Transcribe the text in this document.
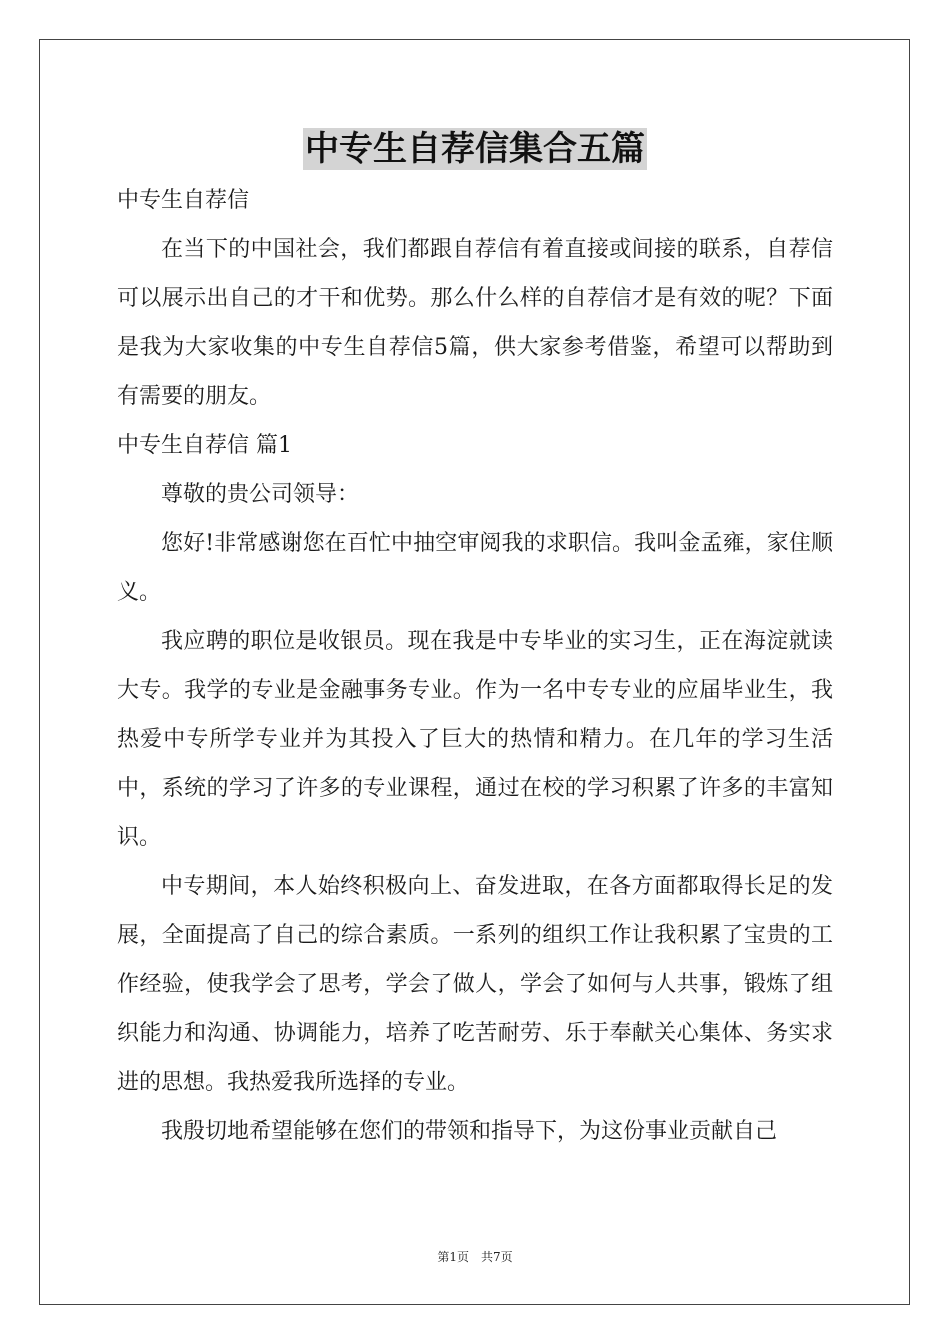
中专生自荐信集合五篇

中专生自荐信

在当下的中国社会，我们都跟自荐信有着直接或间接的联系，自荐信可以展示出自己的才干和优势。那么什么样的自荐信才是有效的呢？下面是我为大家收集的中专生自荐信5篇，供大家参考借鉴，希望可以帮助到有需要的朋友。

中专生自荐信 篇1

尊敬的贵公司领导：

您好!非常感谢您在百忙中抽空审阅我的求职信。我叫金孟雍，家住顺义。

我应聘的职位是收银员。现在我是中专毕业的实习生，正在海淀就读大专。我学的专业是金融事务专业。作为一名中专专业的应届毕业生，我热爱中专所学专业并为其投入了巨大的热情和精力。在几年的学习生活中，系统的学习了许多的专业课程，通过在校的学习积累了许多的丰富知识。

中专期间，本人始终积极向上、奋发进取，在各方面都取得长足的发展，全面提高了自己的综合素质。一系列的组织工作让我积累了宝贵的工作经验，使我学会了思考，学会了做人，学会了如何与人共事，锻炼了组织能力和沟通、协调能力，培养了吃苦耐劳、乐于奉献关心集体、务实求进的思想。我热爱我所选择的专业。

我殷切地希望能够在您们的带领和指导下，为这份事业贡献自己

第1页　共7页
